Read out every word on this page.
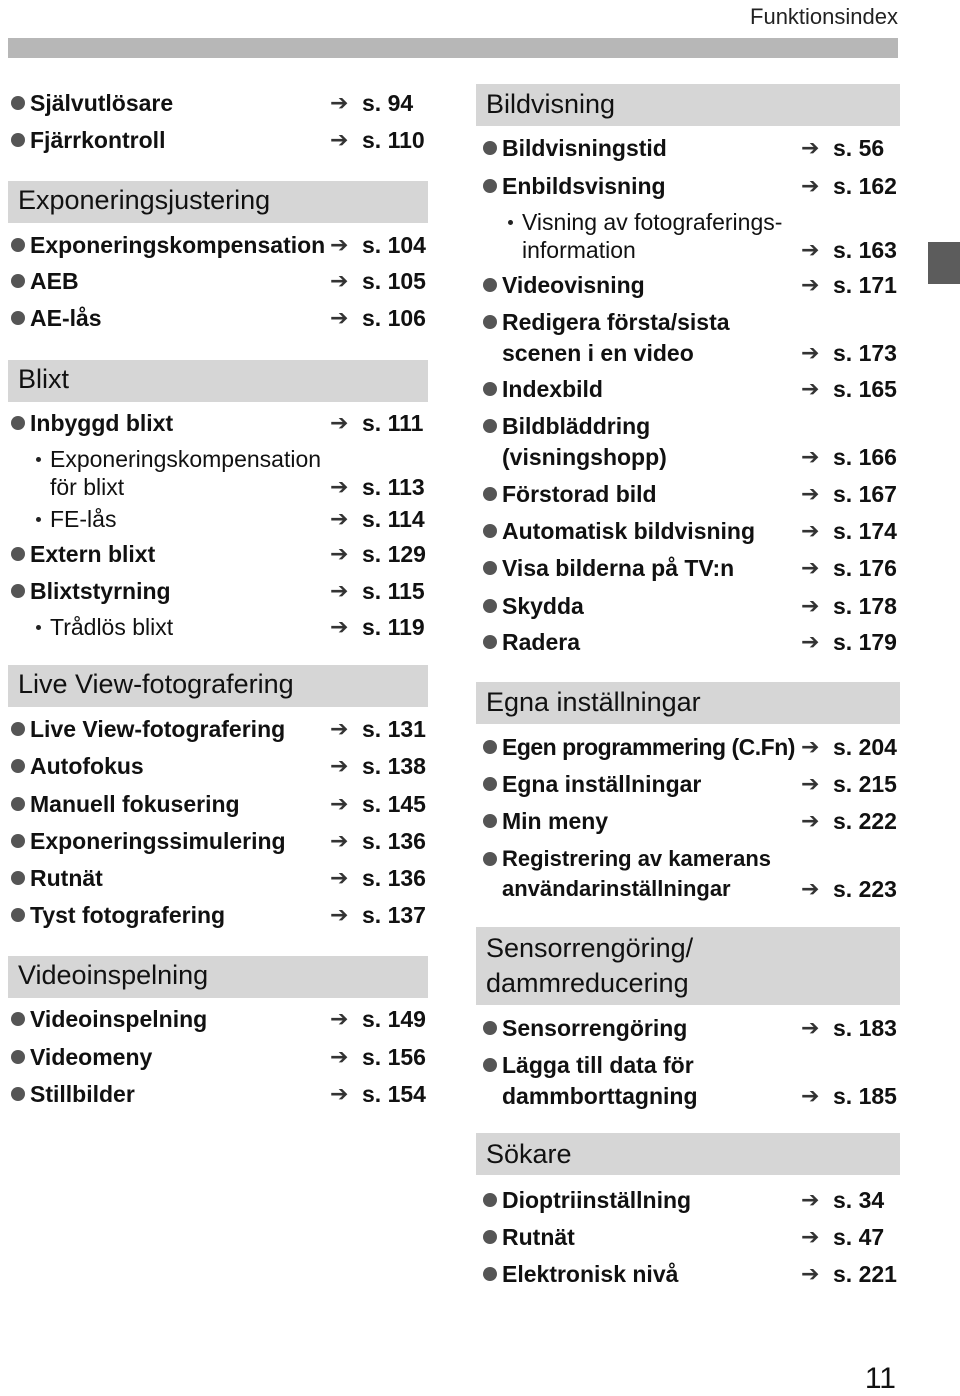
Funktionsindex
Självutlösare	➔ s. 94
Fjärrkontroll	➔ s. 110
Exponeringsjustering
Exponeringskompensation ➔ s. 104
AEB	➔ s. 105
AE-lås	➔ s. 106
Blixt
Inbyggd blixt	➔ s. 111
Exponeringskompensation
för blixt	➔ s. 113
FE-lås	➔ s. 114
Extern blixt	➔ s. 129
Blixtstyrning	➔ s. 115
Trådlös blixt	➔ s. 119
Live View-fotografering
Live View-fotografering ➔ s. 131
Autofokus	➔ s. 138
Manuell fokusering	➔ s. 145
Exponeringssimulering ➔ s. 136
Rutnät	➔ s. 136
Tyst fotografering	➔ s. 137
Videoinspelning
Videoinspelning	➔ s. 149
Videomeny	➔ s. 156
Stillbilder	➔ s. 154
Bildvisning
Bildvisningstid	➔ s. 56
Enbildsvisning	➔ s. 162
Visning av fotograferings-
information	➔ s. 163
Videovisning	➔ s. 171
Redigera första/sista
scenen i en video	➔ s. 173
Indexbild	➔ s. 165
Bildbläddring
(visningshopp)	➔ s. 166
Förstorad bild	➔ s. 167
Automatisk bildvisning ➔ s. 174
Visa bilderna på TV:n	➔ s. 176
Skydda	➔ s. 178
Radera	➔ s. 179
Egna inställningar
Egen programmering (C.Fn) ➔ s. 204
Egna inställningar	➔ s. 215
Min meny	➔ s. 222
Registrering av kamerans
användarinställningar	➔ s. 223
Sensorrengöring/
dammreducering
Sensorrengöring	➔ s. 183
Lägga till data för
dammborttagning	➔ s. 185
Sökare
Dioptriinställning	➔ s. 34
Rutnät	➔ s. 47
Elektronisk nivå	➔ s. 221
11
